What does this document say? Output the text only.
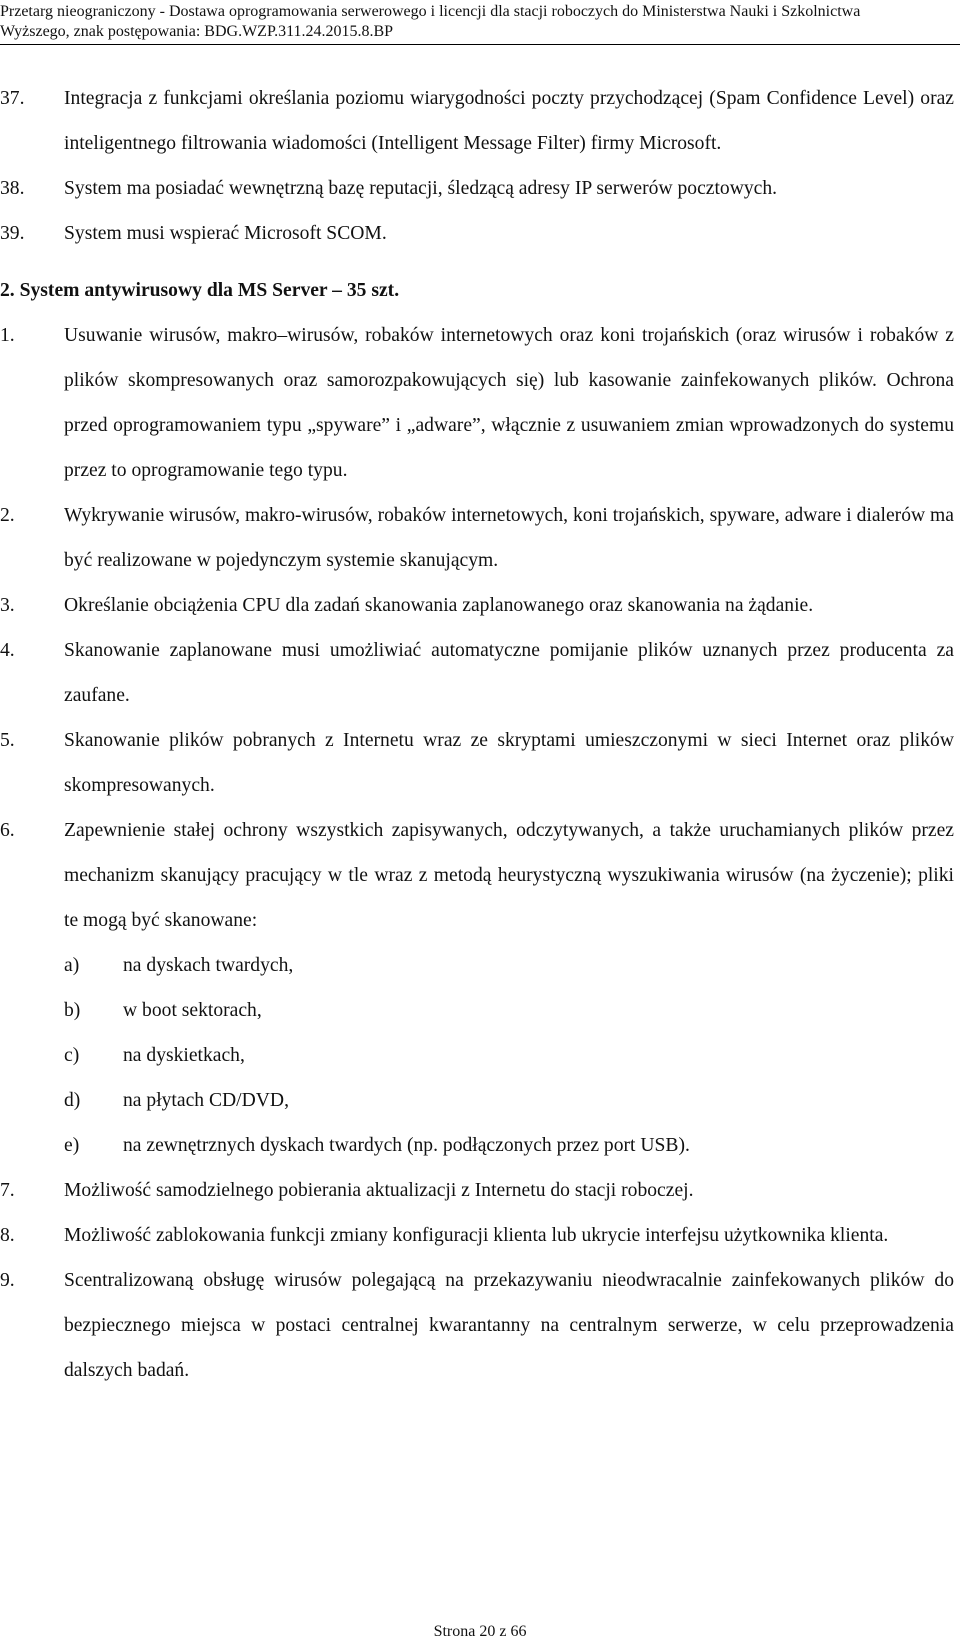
Przetarg nieograniczony - Dostawa oprogramowania serwerowego i licencji dla stacji roboczych do Ministerstwa Nauki i Szkolnictwa
Wyższego, znak postępowania: BDG.WZP.311.24.2015.8.BP
37. Integracja z funkcjami określania poziomu wiarygodności poczty przychodzącej (Spam Confidence Level) oraz inteligentnego filtrowania wiadomości (Intelligent Message Filter) firmy Microsoft.
38. System ma posiadać wewnętrzną bazę reputacji, śledzącą adresy IP serwerów pocztowych.
39. System musi wspierać Microsoft SCOM.
2. System antywirusowy dla MS Server – 35 szt.
1.	Usuwanie wirusów, makro–wirusów, robaków internetowych oraz koni trojańskich (oraz wirusów i robaków z plików skompresowanych oraz samorozpakowujących się) lub kasowanie zainfekowanych plików. Ochrona przed oprogramowaniem typu „spyware” i „adware”, włącznie z usuwaniem zmian wprowadzonych do systemu przez to oprogramowanie tego typu.
2.	Wykrywanie wirusów, makro-wirusów, robaków internetowych, koni trojańskich, spyware, adware i dialerów ma być realizowane w pojedynczym systemie skanującym.
3.	Określanie obciążenia CPU dla zadań skanowania zaplanowanego oraz skanowania na żądanie.
4.	Skanowanie zaplanowane musi umożliwiać automatyczne pomijanie plików uznanych przez producenta za zaufane.
5.	Skanowanie plików pobranych z Internetu wraz ze skryptami umieszczonymi w sieci Internet oraz plików skompresowanych.
6.	Zapewnienie stałej ochrony wszystkich zapisywanych, odczytywanych, a także uruchamianych plików przez mechanizm skanujący pracujący w tle wraz z metodą heurystyczną wyszukiwania wirusów (na życzenie); pliki te mogą być skanowane:
a) na dyskach twardych,
b) w boot sektorach,
c) na dyskietkach,
d) na płytach CD/DVD,
e) na zewnętrznych dyskach twardych (np. podłączonych przez port USB).
7.	Możliwość samodzielnego pobierania aktualizacji z Internetu do stacji roboczej.
8.	Możliwość zablokowania funkcji zmiany konfiguracji klienta lub ukrycie interfejsu użytkownika klienta.
9.	Scentralizowaną obsługę wirusów polegającą na przekazywaniu nieodwracalnie zainfekowanych plików do bezpiecznego miejsca w postaci centralnej kwarantanny na centralnym serwerze, w celu przeprowadzenia dalszych badań.
Strona 20 z 66
